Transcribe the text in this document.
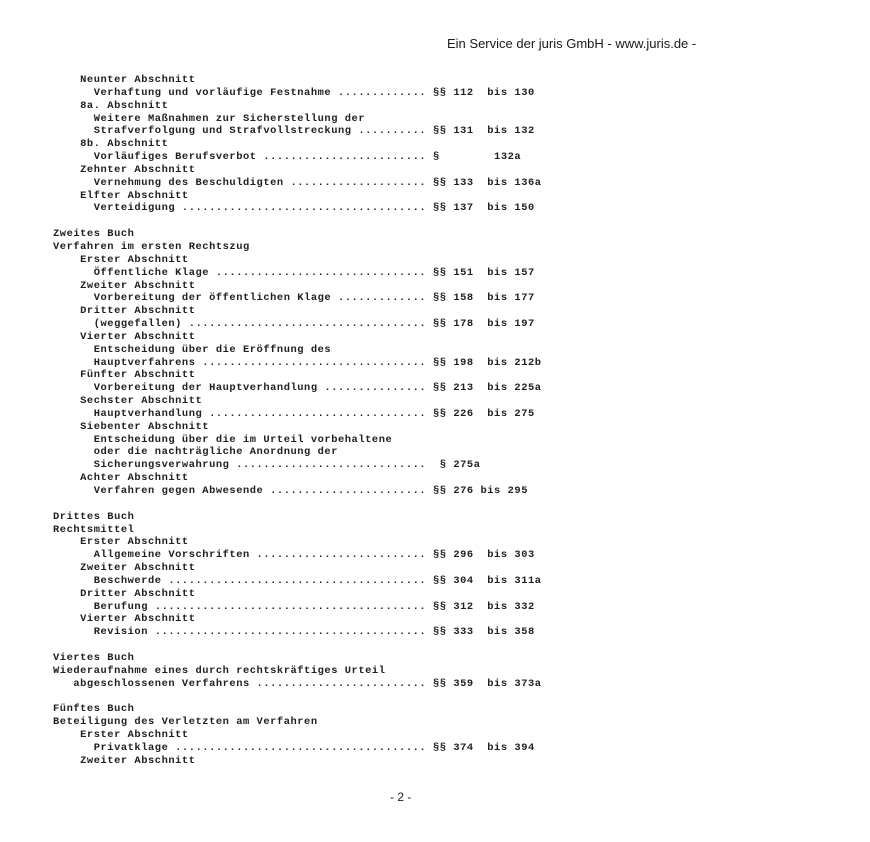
Ein Service der juris GmbH - www.juris.de -
Neunter Abschnitt
Verhaftung und vorläufige Festnahme ............. §§ 112  bis 130
8a. Abschnitt
Weitere Maßnahmen zur Sicherstellung der
Strafverfolgung und Strafvollstreckung .......... §§ 131  bis 132
8b. Abschnitt
Vorläufiges Berufsverbot ........................ §        132a
Zehnter Abschnitt
Vernehmung des Beschuldigten .................... §§ 133  bis 136a
Elfter Abschnitt
Verteidigung .................................... §§ 137  bis 150
Zweites Buch
Verfahren im ersten Rechtszug
Erster Abschnitt
Öffentliche Klage ............................... §§ 151  bis 157
Zweiter Abschnitt
Vorbereitung der öffentlichen Klage ............. §§ 158  bis 177
Dritter Abschnitt
(weggefallen) ................................... §§ 178  bis 197
Vierter Abschnitt
Entscheidung über die Eröffnung des
Hauptverfahrens ................................. §§ 198  bis 212b
Fünfter Abschnitt
Vorbereitung der Hauptverhandlung ............... §§ 213  bis 225a
Sechster Abschnitt
Hauptverhandlung ................................ §§ 226  bis 275
Siebenter Abschnitt
Entscheidung über die im Urteil vorbehaltene
oder die nachträgliche Anordnung der
Sicherungsverwahrung ............................  § 275a
Achter Abschnitt
Verfahren gegen Abwesende ....................... §§ 276 bis 295
Drittes Buch
Rechtsmittel
Erster Abschnitt
Allgemeine Vorschriften ......................... §§ 296  bis 303
Zweiter Abschnitt
Beschwerde ...................................... §§ 304  bis 311a
Dritter Abschnitt
Berufung ........................................ §§ 312  bis 332
Vierter Abschnitt
Revision ........................................ §§ 333  bis 358
Viertes Buch
Wiederaufnahme eines durch rechtskräftiges Urteil
abgeschlossenen Verfahrens ......................... §§ 359  bis 373a
Fünftes Buch
Beteiligung des Verletzten am Verfahren
Erster Abschnitt
Privatklage ..................................... §§ 374  bis 394
Zweiter Abschnitt
- 2 -
